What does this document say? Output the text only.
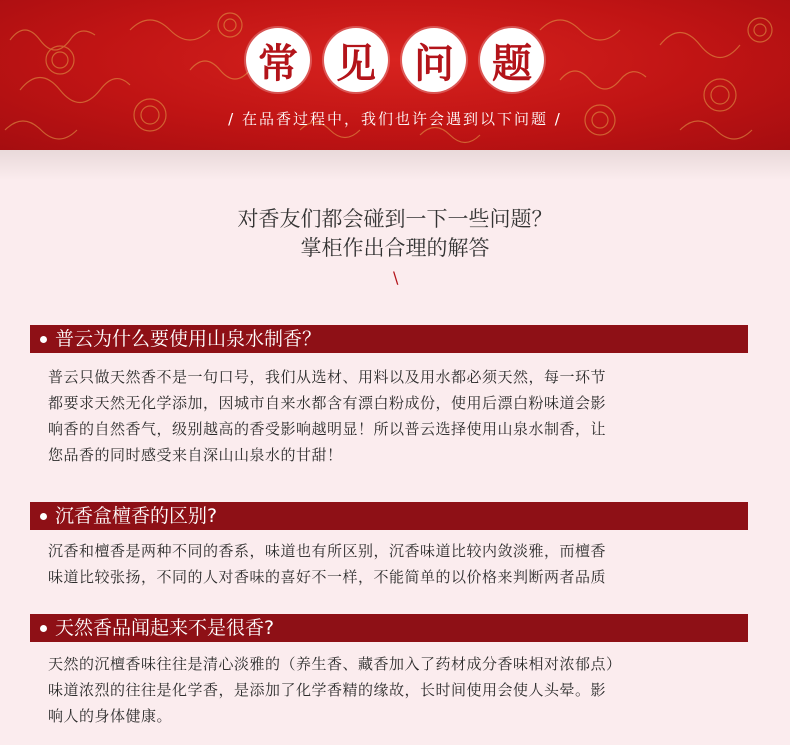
常 见 问 题
/ 在品香过程中，我们也许会遇到以下问题 /
对香友们都会碰到一下一些问题？
掌柜作出合理的解答
\
普云为什么要使用山泉水制香？

普云只做天然香不是一句口号，我们从选材、用料以及用水都必须天然，每一环节

都要求天然无化学添加，因城市自来水都含有漂白粉成份，使用后漂白粉味道会影

响香的自然香气，级别越高的香受影响越明显！所以普云选择使用山泉水制香，让

您品香的同时感受来自深山山泉水的甘甜！

沉香盒檀香的区别?

沉香和檀香是两种不同的香系，味道也有所区别，沉香味道比较内敛淡雅，而檀香

味道比较张扬，不同的人对香味的喜好不一样，不能简单的以价格来判断两者品质

天然香品闻起来不是很香?

天然的沉檀香味往往是清心淡雅的（养生香、藏香加入了药材成分香味相对浓郁点）

味道浓烈的往往是化学香，是添加了化学香精的缘故，长时间使用会使人头晕。影

响人的身体健康。
